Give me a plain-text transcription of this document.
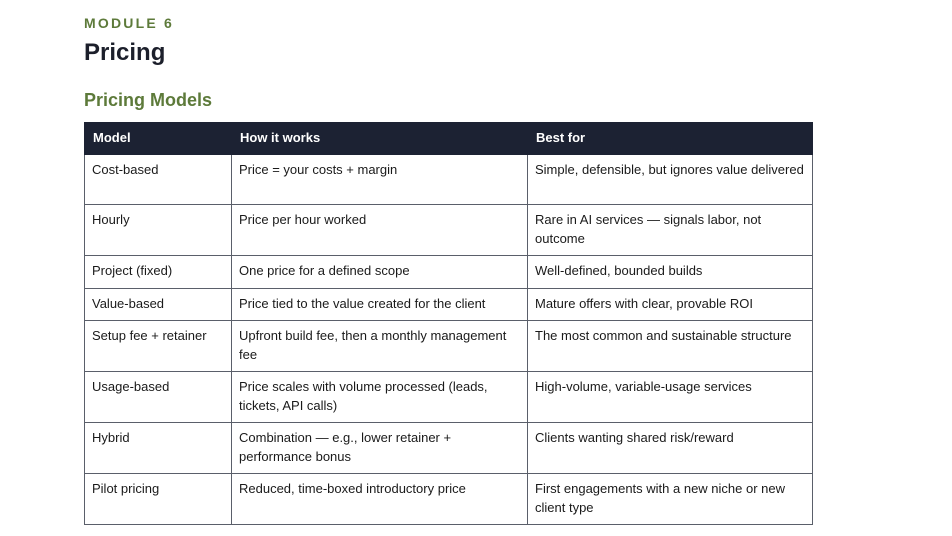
MODULE 6
Pricing
Pricing Models
Model	How it works	Best for
Cost-based	Price = your costs + margin	Simple, defensible, but ignores value delivered
Hourly	Price per hour worked	Rare in AI services — signals labor, not outcome
Project (fixed)	One price for a defined scope	Well-defined, bounded builds
Value-based	Price tied to the value created for the client	Mature offers with clear, provable ROI
Setup fee + retainer	Upfront build fee, then a monthly management fee	The most common and sustainable structure
Usage-based	Price scales with volume processed (leads, tickets, API calls)	High-volume, variable-usage services
Hybrid	Combination — e.g., lower retainer + performance bonus	Clients wanting shared risk/reward
Pilot pricing	Reduced, time-boxed introductory price	First engagements with a new niche or new client type
